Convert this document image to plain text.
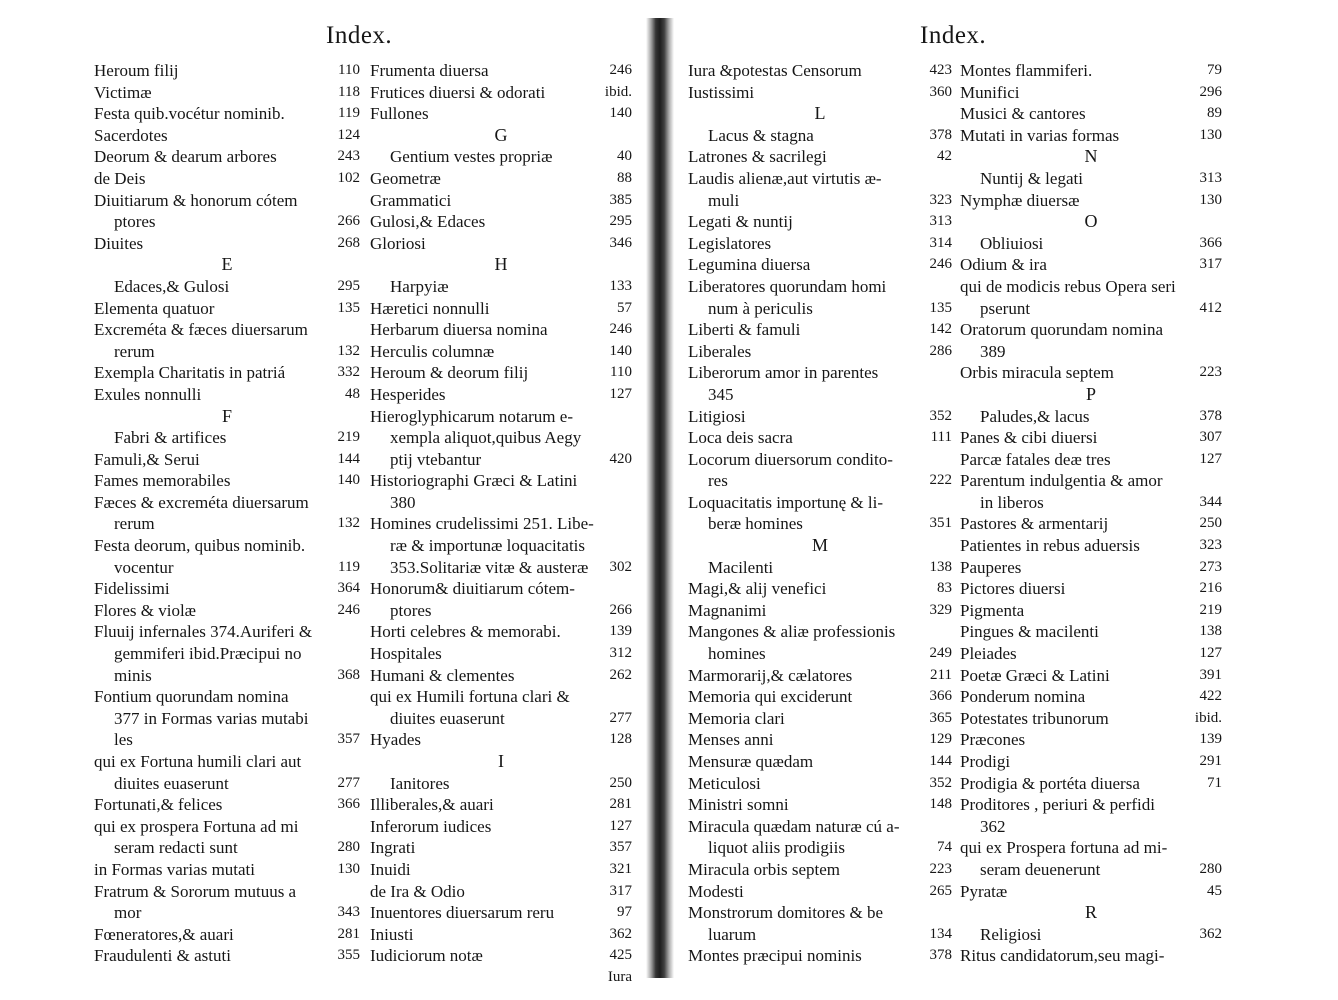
Index.
Heroum filij	110
Victimæ	118
Festa quib.vocétur nominib.	119
Sacerdotes	124
Deorum & dearum arbores	243
de Deis	102
Diuitiarum & honorum cótem
ptores	266
Diuites	268
E
Edaces,& Gulosi	295
Elementa quatuor	135
Excreméta & fæces diuersarum
rerum	132
Exempla Charitatis in patriá	332
Exules nonnulli	48
F
Fabri & artifices	219
Famuli,& Serui	144
Fames memorabiles	140
Fæces & excreméta diuersarum
rerum	132
Festa deorum, quibus nominib.
vocentur	119
Fidelissimi	364
Flores & violæ	246
Fluuij infernales 374.Auriferi &
gemmiferi ibid.Præcipui no
minis	368
Fontium quorundam nomina
377 in Formas varias mutabi
les	357
qui ex Fortuna humili clari aut
diuites euaserunt	277
Fortunati,& felices	366
qui ex prospera Fortuna ad mi
seram redacti sunt	280
in Formas varias mutati	130
Fratrum & Sororum mutuus a
mor	343
Fœneratores,& auari	281
Fraudulenti & astuti	355
Frumenta diuersa	246
Frutices diuersi & odorati	ibid.
Fullones	140
G
Gentium vestes propriæ	40
Geometræ	88
Grammatici	385
Gulosi,& Edaces	295
Gloriosi	346
H
Harpyiæ	133
Hæretici nonnulli	57
Herbarum diuersa nomina	246
Herculis columnæ	140
Heroum & deorum filij	110
Hesperides	127
Hieroglyphicarum notarum e-
xempla aliquot,quibus Aegy
ptij vtebantur	420
Historiographi Græci & Latini
380
Homines crudelissimi 251. Libe-
ræ & importunæ loquacitatis
353.Solitariæ vitæ & austeræ 302
Honorum& diuitiarum cótem-
ptores	266
Horti celebres & memorabi.	139
Hospitales	312
Humani & clementes	262
qui ex Humili fortuna clari &
diuites euaserunt	277
Hyades	128
I
Ianitores	250
Illiberales,& auari	281
Inferorum iudices	127
Ingrati	357
Inuidi	321
de Ira & Odio	317
Inuentores diuersarum reru	97
Iniusti	362
Iudiciorum notæ	425
Iura
Index.
Iura &potestas Censorum	423
Iustissimi	360
L
Lacus & stagna	378
Latrones & sacrilegi	42
Laudis alienæ,aut virtutis æ-
muli	323
Legati & nuntij	313
Legislatores	314
Legumina diuersa	246
Liberatores quorundam homi
num à periculis	135
Liberti & famuli	142
Liberales	286
Liberorum amor in parentes
345
Litigiosi	352
Loca deis sacra	111
Locorum diuersorum condito-
res	222
Loquacitatis importunę & li-
beræ homines	351
M
Macilenti	138
Magi,& alij venefici	83
Magnanimi	329
Mangones & aliæ professionis
homines	249
Marmorarij,& cælatores	211
Memoria qui exciderunt	366
Memoria clari	365
Menses anni	129
Mensuræ quædam	144
Meticulosi	352
Ministri somni	148
Miracula quædam naturæ cú a-
liquot aliis prodigiis	74
Miracula orbis septem	223
Modesti	265
Monstrorum domitores & be
luarum	134
Montes præcipui nominis	378
Montes flammiferi.	79
Munifici	296
Musici & cantores	89
Mutati in varias formas	130
N
Nuntij & legati	313
Nymphæ diuersæ	130
O
Obliuiosi	366
Odium & ira	317
qui de modicis rebus Opera seri
pserunt	412
Oratorum quorundam nomina
389
Orbis miracula septem	223
P
Paludes,& lacus	378
Panes & cibi diuersi	307
Parcæ fatales deæ tres	127
Parentum indulgentia & amor
in liberos	344
Pastores & armentarij	250
Patientes in rebus aduersis	323
Pauperes	273
Pictores diuersi	216
Pigmenta	219
Pingues & macilenti	138
Pleiades	127
Poetæ Græci & Latini	391
Ponderum nomina	422
Potestates tribunorum	ibid.
Præcones	139
Prodigi	291
Prodigia & portéta diuersa	71
Proditores , periuri & perfidi
362
qui ex Prospera fortuna ad mi-
seram deuenerunt	280
Pyratæ	45
R
Religiosi	362
Ritus candidatorum,seu magi-
